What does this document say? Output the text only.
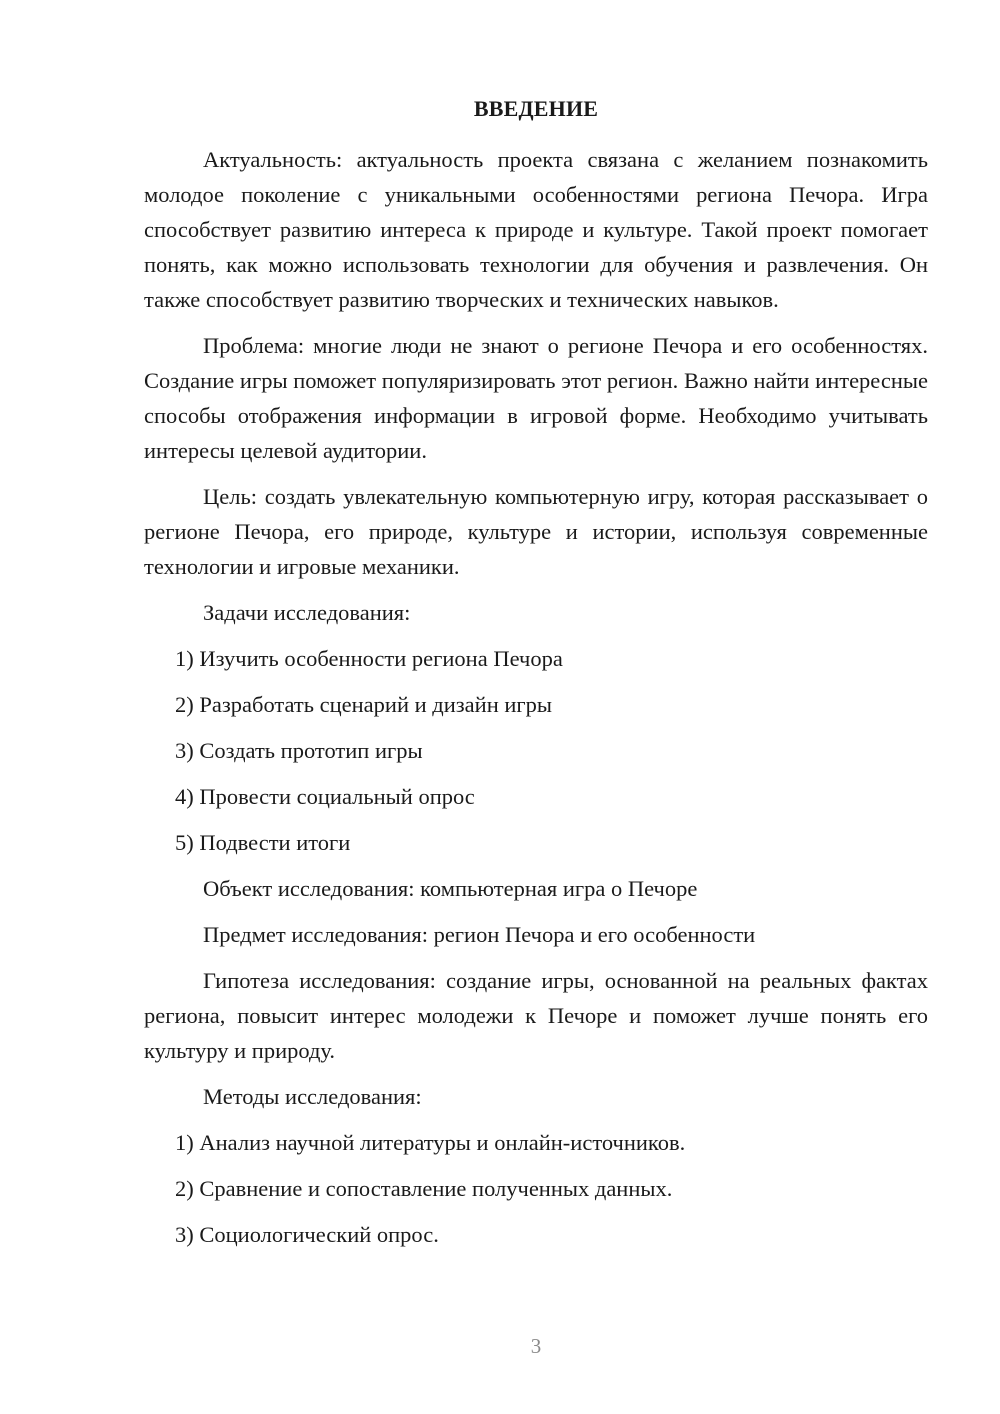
ВВЕДЕНИЕ

Актуальность: актуальность проекта связана с желанием познакомить молодое поколение с уникальными особенностями региона Печора. Игра способствует развитию интереса к природе и культуре. Такой проект помогает понять, как можно использовать технологии для обучения и развлечения. Он также способствует развитию творческих и технических навыков.

Проблема: многие люди не знают о регионе Печора и его особенностях. Создание игры поможет популяризировать этот регион. Важно найти интересные способы отображения информации в игровой форме. Необходимо учитывать интересы целевой аудитории.

Цель: создать увлекательную компьютерную игру, которая рассказывает о регионе Печора, его природе, культуре и истории, используя современные технологии и игровые механики.

Задачи исследования:

1) Изучить особенности региона Печора

2) Разработать сценарий и дизайн игры

3) Создать прототип игры

4) Провести социальный опрос

5) Подвести итоги

Объект исследования: компьютерная игра о Печоре

Предмет исследования: регион Печора и его особенности

Гипотеза исследования: создание игры, основанной на реальных фактах региона, повысит интерес молодежи к Печоре и поможет лучше понять его культуру и природу.

Методы исследования:

1) Анализ научной литературы и онлайн-источников.

2) Сравнение и сопоставление полученных данных.

3) Социологический опрос.

3
